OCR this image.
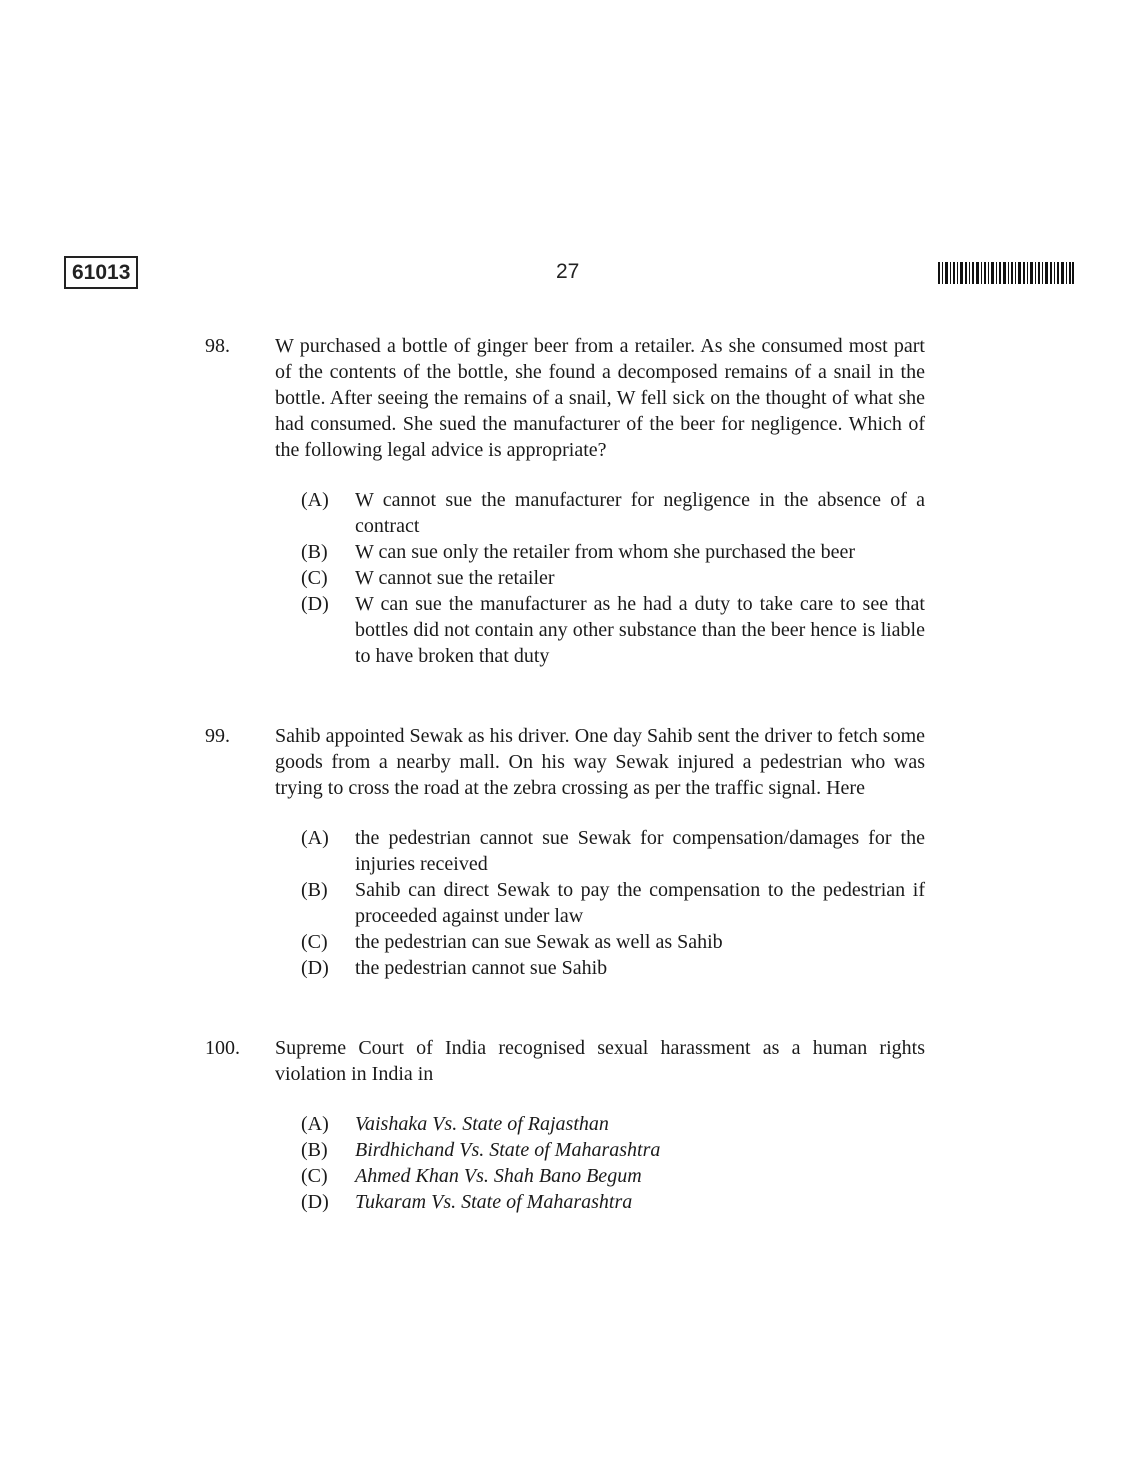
61013	27
98. W purchased a bottle of ginger beer from a retailer. As she consumed most part of the contents of the bottle, she found a decomposed remains of a snail in the bottle. After seeing the remains of a snail, W fell sick on the thought of what she had consumed. She sued the manufacturer of the beer for negligence. Which of the following legal advice is appropriate?
(A) W cannot sue the manufacturer for negligence in the absence of a contract
(B) W can sue only the retailer from whom she purchased the beer
(C) W cannot sue the retailer
(D) W can sue the manufacturer as he had a duty to take care to see that bottles did not contain any other substance than the beer hence is liable to have broken that duty
99. Sahib appointed Sewak as his driver. One day Sahib sent the driver to fetch some goods from a nearby mall. On his way Sewak injured a pedestrian who was trying to cross the road at the zebra crossing as per the traffic signal. Here
(A) the pedestrian cannot sue Sewak for compensation/damages for the injuries received
(B) Sahib can direct Sewak to pay the compensation to the pedestrian if proceeded against under law
(C) the pedestrian can sue Sewak as well as Sahib
(D) the pedestrian cannot sue Sahib
100. Supreme Court of India recognised sexual harassment as a human rights violation in India in
(A) Vaishaka Vs. State of Rajasthan
(B) Birdhichand Vs. State of Maharashtra
(C) Ahmed Khan Vs. Shah Bano Begum
(D) Tukaram Vs. State of Maharashtra
